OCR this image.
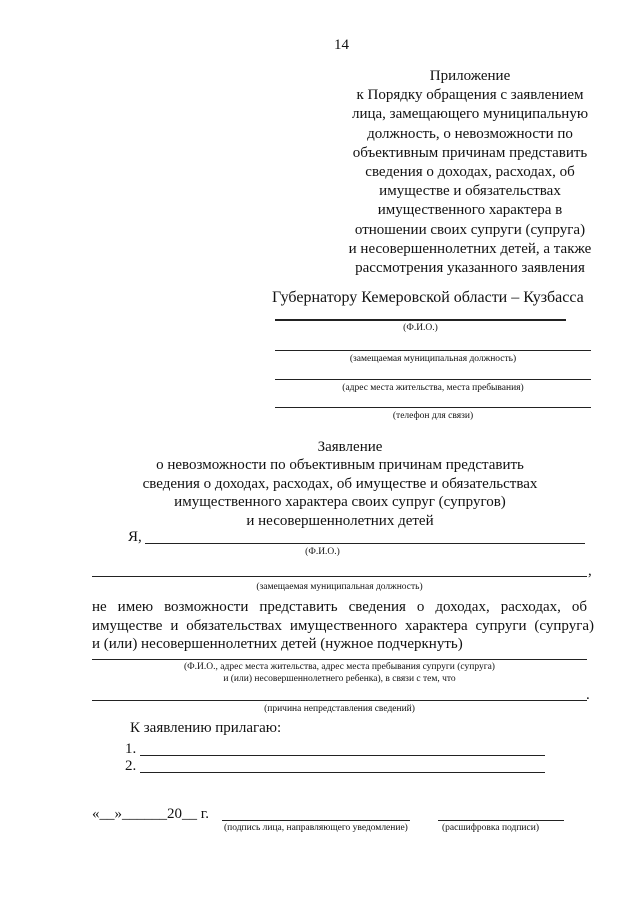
14
Приложение
к Порядку обращения с заявлением
лица, замещающего муниципальную
должность, о невозможности по
объективным причинам представить
сведения о доходах, расходах, об
имуществе и обязательствах
имущественного характера в
отношении своих супруги (супруга)
и несовершеннолетних детей, а также
рассмотрения указанного заявления
Губернатору Кемеровской области – Кузбасса
(Ф.И.О.)
(замещаемая муниципальная должность)
(адрес места жительства, места пребывания)
(телефон для связи)
Заявление
о невозможности по объективным причинам представить
сведения о доходах, расходах, об имуществе и обязательствах
имущественного характера своих супруг (супругов)
и несовершеннолетних детей
Я,
(Ф.И.О.)
,
(замещаемая муниципальная должность)
не имею возможности представить сведения о доходах, расходах, об
имуществе и обязательствах имущественного характера супруги (супруга)
и (или) несовершеннолетних детей (нужное подчеркнуть)
(Ф.И.О., адрес места жительства, адрес места пребывания супруги (супруга)
и (или) несовершеннолетнего ребенка), в связи с тем, что
.
(причина непредставления сведений)
К заявлению прилагаю:
1.
2.
«__»______20__ г.
(подпись лица, направляющего уведомление)	(расшифровка подписи)
